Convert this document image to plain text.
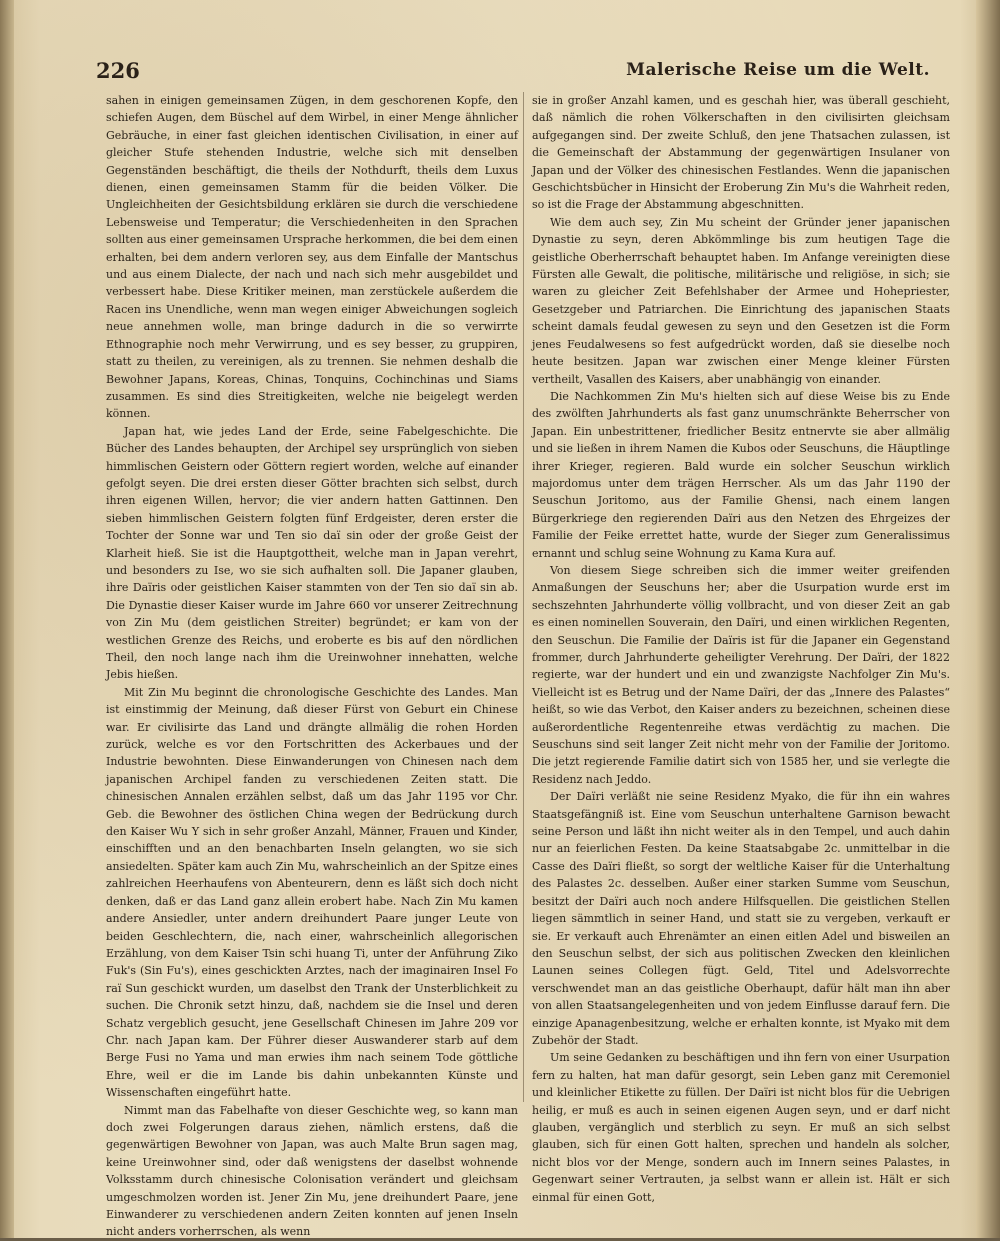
226	Malerische Reise um die Welt.

sahen in einigen gemeinsamen Zügen, in dem geschorenen Kopfe, den schiefen Augen, dem Büschel auf dem Wirbel, in einer Menge ähnlicher Gebräuche, in einer fast gleichen identischen Civilisation, in einer auf gleicher Stufe stehenden Industrie, welche sich mit denselben Gegenständen beschäftigt, die theils der Nothdurft, theils dem Luxus dienen, einen gemeinsamen Stamm für die beiden Völker. Die Ungleichheiten der Gesichtsbildung erklären sie durch die verschiedene Lebensweise und Temperatur; die Verschiedenheiten in den Sprachen sollten aus einer gemeinsamen Ursprache herkommen, die bei dem einen erhalten, bei dem andern verloren sey, aus dem Einfalle der Mantschus und aus einem Dialecte, der nach und nach sich mehr ausgebildet und verbessert habe. Diese Kritiker meinen, man zerstückele außerdem die Racen ins Unendliche, wenn man wegen einiger Abweichungen sogleich neue annehmen wolle, man bringe dadurch in die so verwirrte Ethnographie noch mehr Verwirrung, und es sey besser, zu gruppiren, statt zu theilen, zu vereinigen, als zu trennen. Sie nehmen deshalb die Bewohner Japans, Koreas, Chinas, Tonquins, Cochinchinas und Siams zusammen. Es sind dies Streitigkeiten, welche nie beigelegt werden können.

Japan hat, wie jedes Land der Erde, seine Fabelgeschichte. Die Bücher des Landes behaupten, der Archipel sey ursprünglich von sieben himmlischen Geistern oder Göttern regiert worden, welche auf einander gefolgt seyen. Die drei ersten dieser Götter brachten sich selbst, durch ihren eigenen Willen, hervor; die vier andern hatten Gattinnen. Den sieben himmlischen Geistern folgten fünf Erdgeister, deren erster die Tochter der Sonne war und Ten sio daï sin oder der große Geist der Klarheit hieß. Sie ist die Hauptgottheit, welche man in Japan verehrt, und besonders zu Ise, wo sie sich aufhalten soll. Die Japaner glauben, ihre Daïris oder geistlichen Kaiser stammten von der Ten sio daï sin ab. Die Dynastie dieser Kaiser wurde im Jahre 660 vor unserer Zeitrechnung von Zin Mu (dem geistlichen Streiter) begründet; er kam von der westlichen Grenze des Reichs, und eroberte es bis auf den nördlichen Theil, den noch lange nach ihm die Ureinwohner innehatten, welche Jebis hießen.

Mit Zin Mu beginnt die chronologische Geschichte des Landes. Man ist einstimmig der Meinung, daß dieser Fürst von Geburt ein Chinese war. Er civilisirte das Land und drängte allmälig die rohen Horden zurück, welche es vor den Fortschritten des Ackerbaues und der Industrie bewohnten. Diese Einwanderungen von Chinesen nach dem japanischen Archipel fanden zu verschiedenen Zeiten statt. Die chinesischen Annalen erzählen selbst, daß um das Jahr 1195 vor Chr. Geb. die Bewohner des östlichen China wegen der Bedrückung durch den Kaiser Wu Y sich in sehr großer Anzahl, Männer, Frauen und Kinder, einschifften und an den benachbarten Inseln gelangten, wo sie sich ansiedelten. Später kam auch Zin Mu, wahrscheinlich an der Spitze eines zahlreichen Heerhaufens von Abenteurern, denn es läßt sich doch nicht denken, daß er das Land ganz allein erobert habe. Nach Zin Mu kamen andere Ansiedler, unter andern dreihundert Paare junger Leute von beiden Geschlechtern, die, nach einer, wahrscheinlich allegorischen Erzählung, von dem Kaiser Tsin schi huang Ti, unter der Anführung Ziko Fuk's (Sin Fu's), eines geschickten Arztes, nach der imaginairen Insel Fo raï Sun geschickt wurden, um daselbst den Trank der Unsterblichkeit zu suchen. Die Chronik setzt hinzu, daß, nachdem sie die Insel und deren Schatz vergeblich gesucht, jene Gesellschaft Chinesen im Jahre 209 vor Chr. nach Japan kam. Der Führer dieser Auswanderer starb auf dem Berge Fusi no Yama und man erwies ihm nach seinem Tode göttliche Ehre, weil er die im Lande bis dahin unbekannten Künste und Wissenschaften eingeführt hatte.

Nimmt man das Fabelhafte von dieser Geschichte weg, so kann man doch zwei Folgerungen daraus ziehen, nämlich erstens, daß die gegenwärtigen Bewohner von Japan, was auch Malte Brun sagen mag, keine Ureinwohner sind, oder daß wenigstens der daselbst wohnende Volksstamm durch chinesische Colonisation verändert und gleichsam umgeschmolzen worden ist. Jener Zin Mu, jene dreihundert Paare, jene Einwanderer zu verschiedenen andern Zeiten konnten auf jenen Inseln nicht anders vorherrschen, als wenn

sie in großer Anzahl kamen, und es geschah hier, was überall geschieht, daß nämlich die rohen Völkerschaften in den civilisirten gleichsam aufgegangen sind. Der zweite Schluß, den jene Thatsachen zulassen, ist die Gemeinschaft der Abstammung der gegenwärtigen Insulaner von Japan und der Völker des chinesischen Festlandes. Wenn die japanischen Geschichtsbücher in Hinsicht der Eroberung Zin Mu's die Wahrheit reden, so ist die Frage der Abstammung abgeschnitten.

Wie dem auch sey, Zin Mu scheint der Gründer jener japanischen Dynastie zu seyn, deren Abkömmlinge bis zum heutigen Tage die geistliche Oberherrschaft behauptet haben. Im Anfange vereinigten diese Fürsten alle Gewalt, die politische, militärische und religiöse, in sich; sie waren zu gleicher Zeit Befehlshaber der Armee und Hohepriester, Gesetzgeber und Patriarchen. Die Einrichtung des japanischen Staats scheint damals feudal gewesen zu seyn und den Gesetzen ist die Form jenes Feudalwesens so fest aufgedrückt worden, daß sie dieselbe noch heute besitzen. Japan war zwischen einer Menge kleiner Fürsten vertheilt, Vasallen des Kaisers, aber unabhängig von einander.

Die Nachkommen Zin Mu's hielten sich auf diese Weise bis zu Ende des zwölften Jahrhunderts als fast ganz unumschränkte Beherrscher von Japan. Ein unbestrittener, friedlicher Besitz entnervte sie aber allmälig und sie ließen in ihrem Namen die Kubos oder Seuschuns, die Häuptlinge ihrer Krieger, regieren. Bald wurde ein solcher Seuschun wirklich majordomus unter dem trägen Herrscher. Als um das Jahr 1190 der Seuschun Joritomo, aus der Familie Ghensi, nach einem langen Bürgerkriege den regierenden Daïri aus den Netzen des Ehrgeizes der Familie der Feike errettet hatte, wurde der Sieger zum Generalissimus ernannt und schlug seine Wohnung zu Kama Kura auf.

Von diesem Siege schreiben sich die immer weiter greifenden Anmaßungen der Seuschuns her; aber die Usurpation wurde erst im sechszehnten Jahrhunderte völlig vollbracht, und von dieser Zeit an gab es einen nominellen Souverain, den Daïri, und einen wirklichen Regenten, den Seuschun. Die Familie der Daïris ist für die Japaner ein Gegenstand frommer, durch Jahrhunderte geheiligter Verehrung. Der Daïri, der 1822 regierte, war der hundert und ein und zwanzigste Nachfolger Zin Mu's. Vielleicht ist es Betrug und der Name Daïri, der das „Innere des Palastes“ heißt, so wie das Verbot, den Kaiser anders zu bezeichnen, scheinen diese außerordentliche Regentenreihe etwas verdächtig zu machen. Die Seuschuns sind seit langer Zeit nicht mehr von der Familie der Joritomo. Die jetzt regierende Familie datirt sich von 1585 her, und sie verlegte die Residenz nach Jeddo.

Der Daïri verläßt nie seine Residenz Myako, die für ihn ein wahres Staatsgefängniß ist. Eine vom Seuschun unterhaltene Garnison bewacht seine Person und läßt ihn nicht weiter als in den Tempel, und auch dahin nur an feierlichen Festen. Da keine Staatsabgabe 2c. unmittelbar in die Casse des Daïri fließt, so sorgt der weltliche Kaiser für die Unterhaltung des Palastes 2c. desselben. Außer einer starken Summe vom Seuschun, besitzt der Daïri auch noch andere Hilfsquellen. Die geistlichen Stellen liegen sämmtlich in seiner Hand, und statt sie zu vergeben, verkauft er sie. Er verkauft auch Ehrenämter an einen eitlen Adel und bisweilen an den Seuschun selbst, der sich aus politischen Zwecken den kleinlichen Launen seines Collegen fügt. Geld, Titel und Adelsvorrechte verschwendet man an das geistliche Oberhaupt, dafür hält man ihn aber von allen Staatsangelegenheiten und von jedem Einflusse darauf fern. Die einzige Apanagenbesitzung, welche er erhalten konnte, ist Myako mit dem Zubehör der Stadt.

Um seine Gedanken zu beschäftigen und ihn fern von einer Usurpation fern zu halten, hat man dafür gesorgt, sein Leben ganz mit Ceremoniel und kleinlicher Etikette zu füllen. Der Daïri ist nicht blos für die Uebrigen heilig, er muß es auch in seinen eigenen Augen seyn, und er darf nicht glauben, vergänglich und sterblich zu seyn. Er muß an sich selbst glauben, sich für einen Gott halten, sprechen und handeln als solcher, nicht blos vor der Menge, sondern auch im Innern seines Palastes, in Gegenwart seiner Vertrauten, ja selbst wann er allein ist. Hält er sich einmal für einen Gott,
